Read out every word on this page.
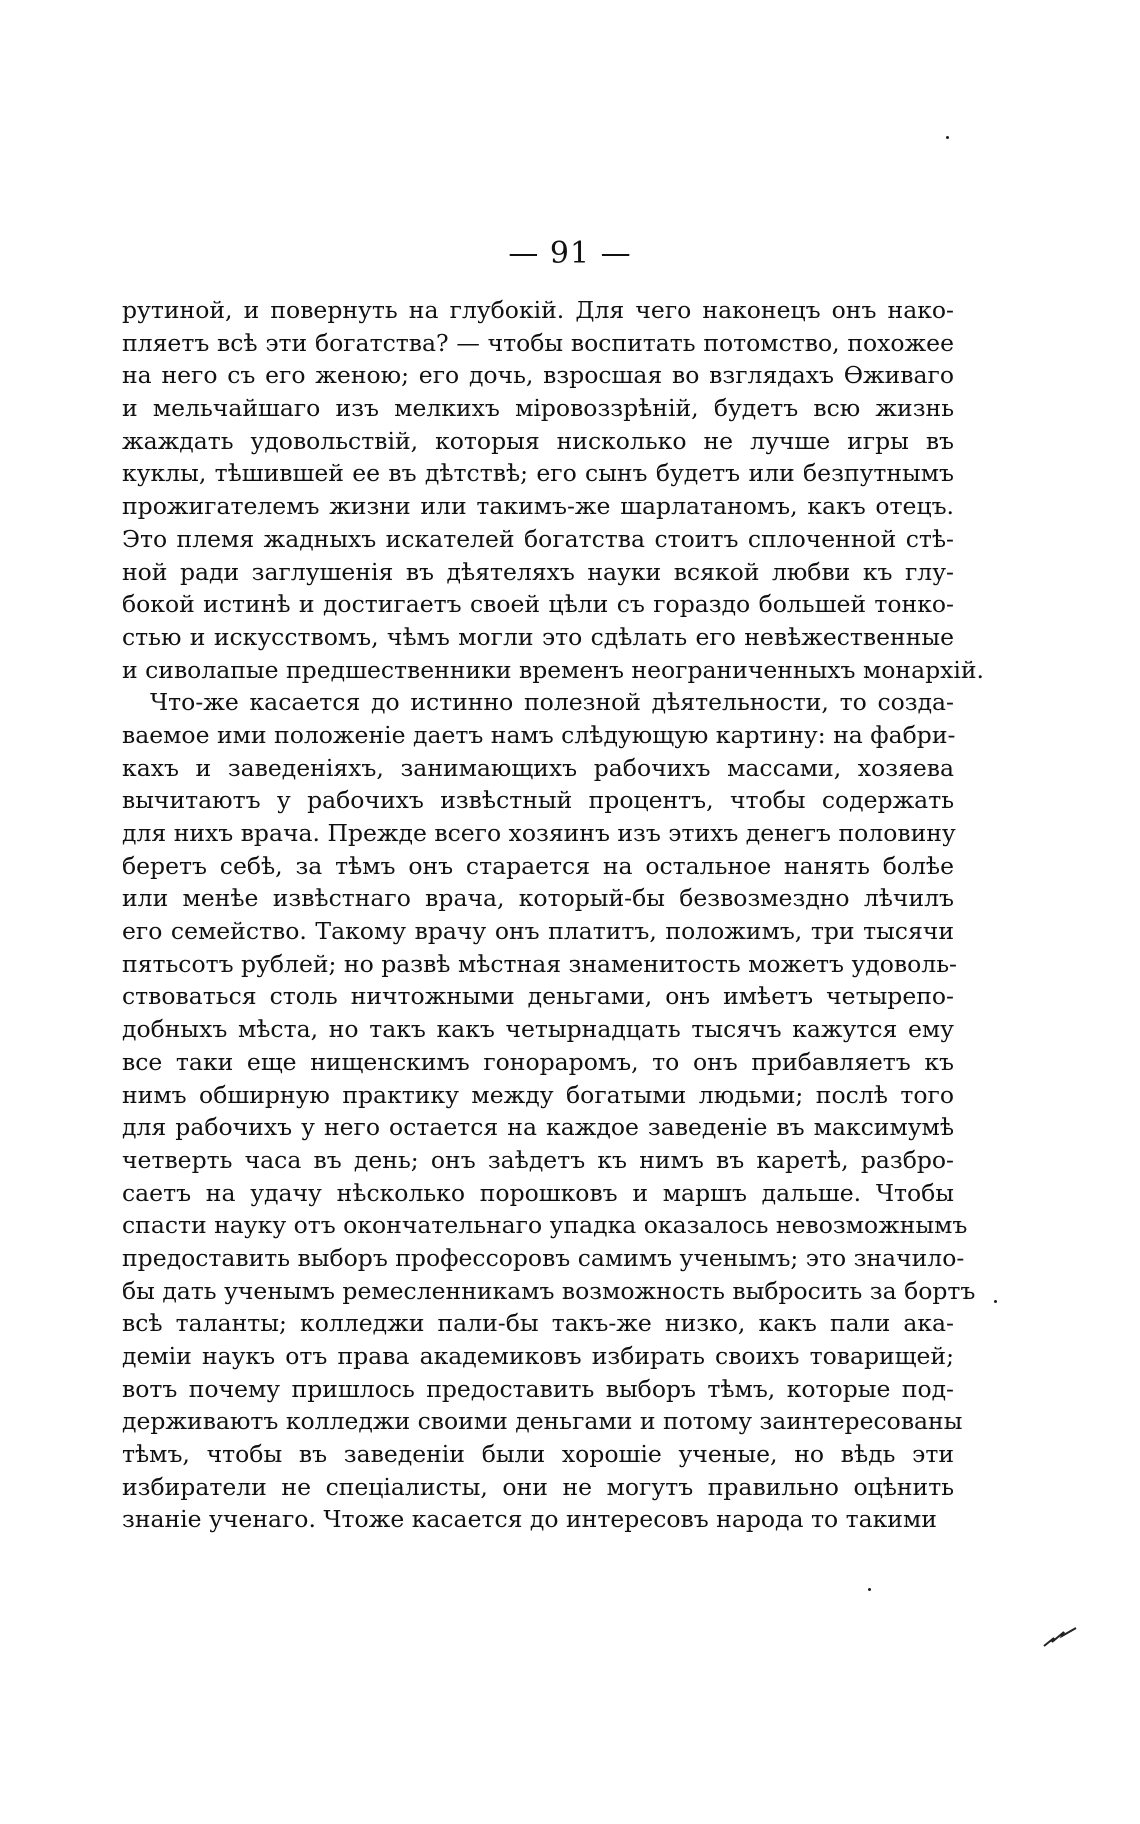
— 91 —
рутиной, и повернуть на глубокій. Для чего наконецъ онъ нако-
пляетъ всѣ эти богатства? — чтобы воспитать потомство, похожее
на него съ его женою; его дочь, взросшая во взглядахъ Ѳживаго
и мельчайшаго изъ мелкихъ міровоззрѣній, будетъ всю жизнь
жаждать удовольствій, которыя нисколько не лучше игры въ
куклы, тѣшившей ее въ дѣтствѣ; его сынъ будетъ или безпутнымъ
прожигателемъ жизни или такимъ-же шарлатаномъ, какъ отецъ.
Это племя жадныхъ искателей богатства стоитъ сплоченной стѣ-
ной ради заглушенія въ дѣятеляхъ науки всякой любви къ глу-
бокой истинѣ и достигаетъ своей цѣли съ гораздо большей тонко-
стью и искусствомъ, чѣмъ могли это сдѣлать его невѣжественные
и сиволапые предшественники временъ неограниченныхъ монархій.
Что-же касается до истинно полезной дѣятельности, то созда-
ваемое ими положеніе даетъ намъ слѣдующую картину: на фабри-
кахъ и заведеніяхъ, занимающихъ рабочихъ массами, хозяева
вычитаютъ у рабочихъ извѣстный процентъ, чтобы содержать
для нихъ врача. Прежде всего хозяинъ изъ этихъ денегъ половину
беретъ себѣ, за тѣмъ онъ старается на остальное нанять болѣе
или менѣе извѣстнаго врача, который-бы безвозмездно лѣчилъ
его семейство. Такому врачу онъ платитъ, положимъ, три тысячи
пятьсотъ рублей; но развѣ мѣстная знаменитость можетъ удоволь-
ствоваться столь ничтожными деньгами, онъ имѣетъ четырепо-
добныхъ мѣста, но такъ какъ четырнадцать тысячъ кажутся ему
все таки еще нищенскимъ гонораромъ, то онъ прибавляетъ къ
нимъ обширную практику между богатыми людьми; послѣ того
для рабочихъ у него остается на каждое заведеніе въ максимумѣ
четверть часа въ день; онъ заѣдетъ къ нимъ въ каретѣ, разбро-
саетъ на удачу нѣсколько порошковъ и маршъ дальше. Чтобы
спасти науку отъ окончательнаго упадка оказалось невозможнымъ
предоставить выборъ профессоровъ самимъ ученымъ; это значило-
бы дать ученымъ ремесленникамъ возможность выбросить за бортъ
всѣ таланты; колледжи пали-бы такъ-же низко, какъ пали ака-
деміи наукъ отъ права академиковъ избирать своихъ товарищей;
вотъ почему пришлось предоставить выборъ тѣмъ, которые под-
держиваютъ колледжи своими деньгами и потому заинтересованы
тѣмъ, чтобы въ заведеніи были хорошіе ученые, но вѣдь эти
избиратели не спеціалисты, они не могутъ правильно оцѣнить
знаніе ученаго. Чтоже касается до интересовъ народа то такими
